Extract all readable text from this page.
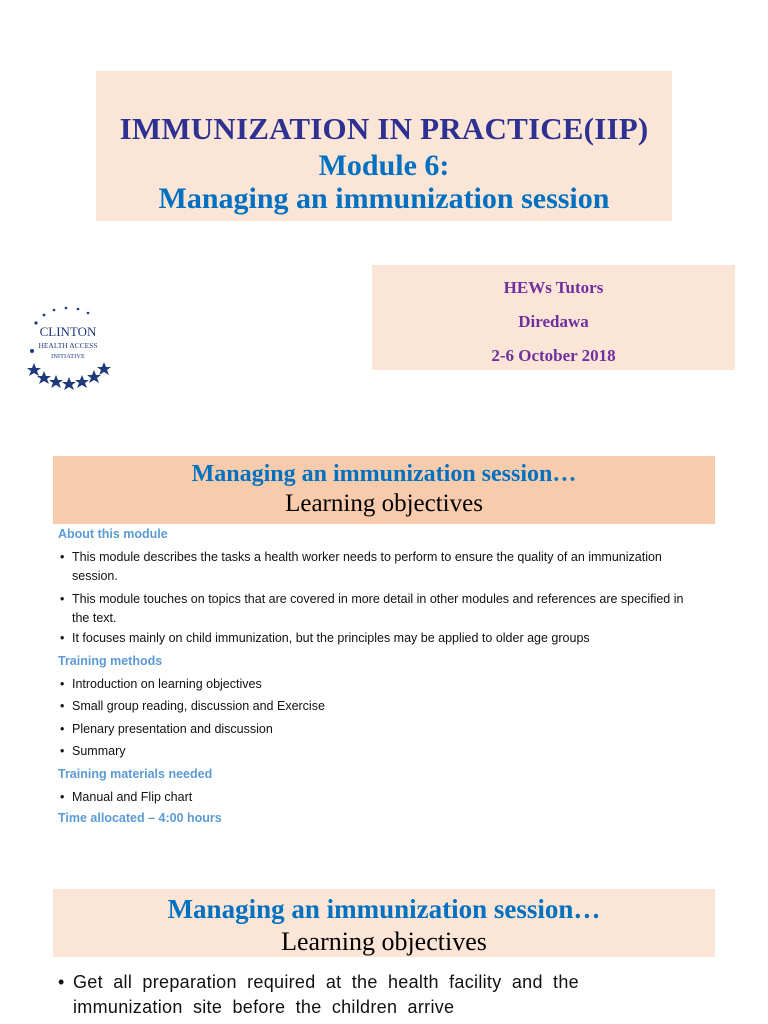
IMMUNIZATION IN PRACTICE(IIP)
Module 6:
Managing an immunization session
HEWs Tutors
Diredawa
2-6 October 2018
CLINTON
HEALTH ACCESS
INITIATIVE
Managing an immunization session…
Learning objectives
About this module
• This module describes the tasks a health worker needs to perform to ensure the quality of an immunization session.
• This module touches on topics that are covered in more detail in other modules and references are specified in the text.
• It focuses mainly on child immunization, but the principles may be applied to older age groups
Training methods
• Introduction on learning objectives
• Small group reading, discussion and Exercise
• Plenary presentation and discussion
• Summary
Training materials needed
• Manual and Flip chart
Time allocated – 4:00 hours
Managing an immunization session…
Learning objectives
• Get all preparation required at the health facility and the immunization site before the children arrive
